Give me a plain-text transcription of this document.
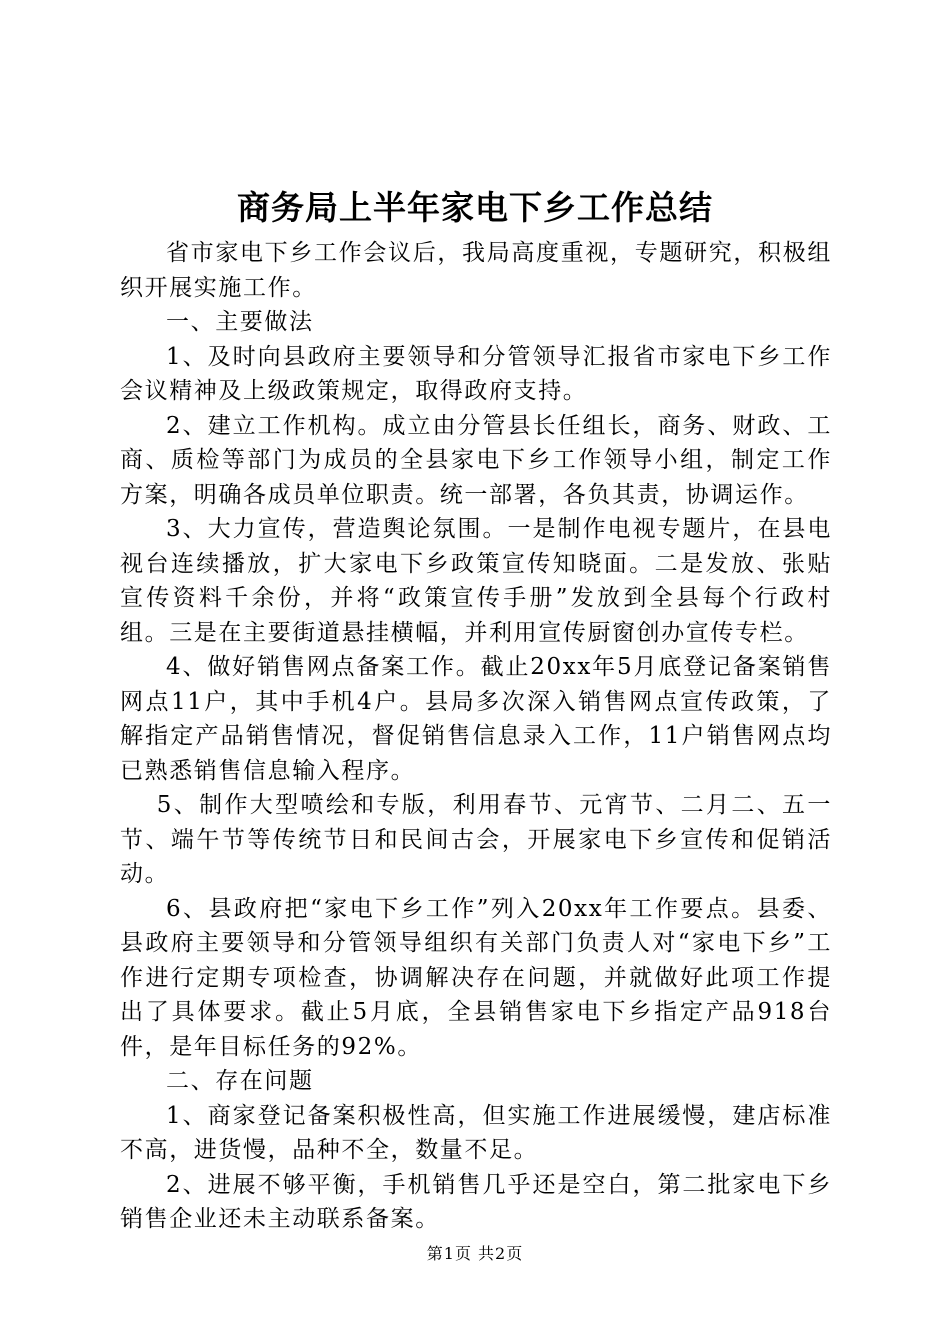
商务局上半年家电下乡工作总结

省市家电下乡工作会议后，我局高度重视，专题研究，积极组织开展实施工作。

一、主要做法

1、及时向县政府主要领导和分管领导汇报省市家电下乡工作会议精神及上级政策规定，取得政府支持。

2、建立工作机构。成立由分管县长任组长，商务、财政、工商、质检等部门为成员的全县家电下乡工作领导小组，制定工作方案，明确各成员单位职责。统一部署，各负其责，协调运作。

3、大力宣传，营造舆论氛围。一是制作电视专题片，在县电视台连续播放，扩大家电下乡政策宣传知晓面。二是发放、张贴宣传资料千余份，并将“政策宣传手册”发放到全县每个行政村组。三是在主要街道悬挂横幅，并利用宣传厨窗创办宣传专栏。

4、做好销售网点备案工作。截止20xx年5月底登记备案销售网点11户，其中手机4户。县局多次深入销售网点宣传政策，了解指定产品销售情况，督促销售信息录入工作，11户销售网点均已熟悉销售信息输入程序。

5、制作大型喷绘和专版，利用春节、元宵节、二月二、五一节、端午节等传统节日和民间古会，开展家电下乡宣传和促销活动。

6、县政府把“家电下乡工作”列入20xx年工作要点。县委、县政府主要领导和分管领导组织有关部门负责人对“家电下乡”工作进行定期专项检查，协调解决存在问题，并就做好此项工作提出了具体要求。截止5月底，全县销售家电下乡指定产品918台件，是年目标任务的92%。

二、存在问题

1、商家登记备案积极性高，但实施工作进展缓慢，建店标准不高，进货慢，品种不全，数量不足。

2、进展不够平衡，手机销售几乎还是空白，第二批家电下乡销售企业还未主动联系备案。

第1页 共2页
